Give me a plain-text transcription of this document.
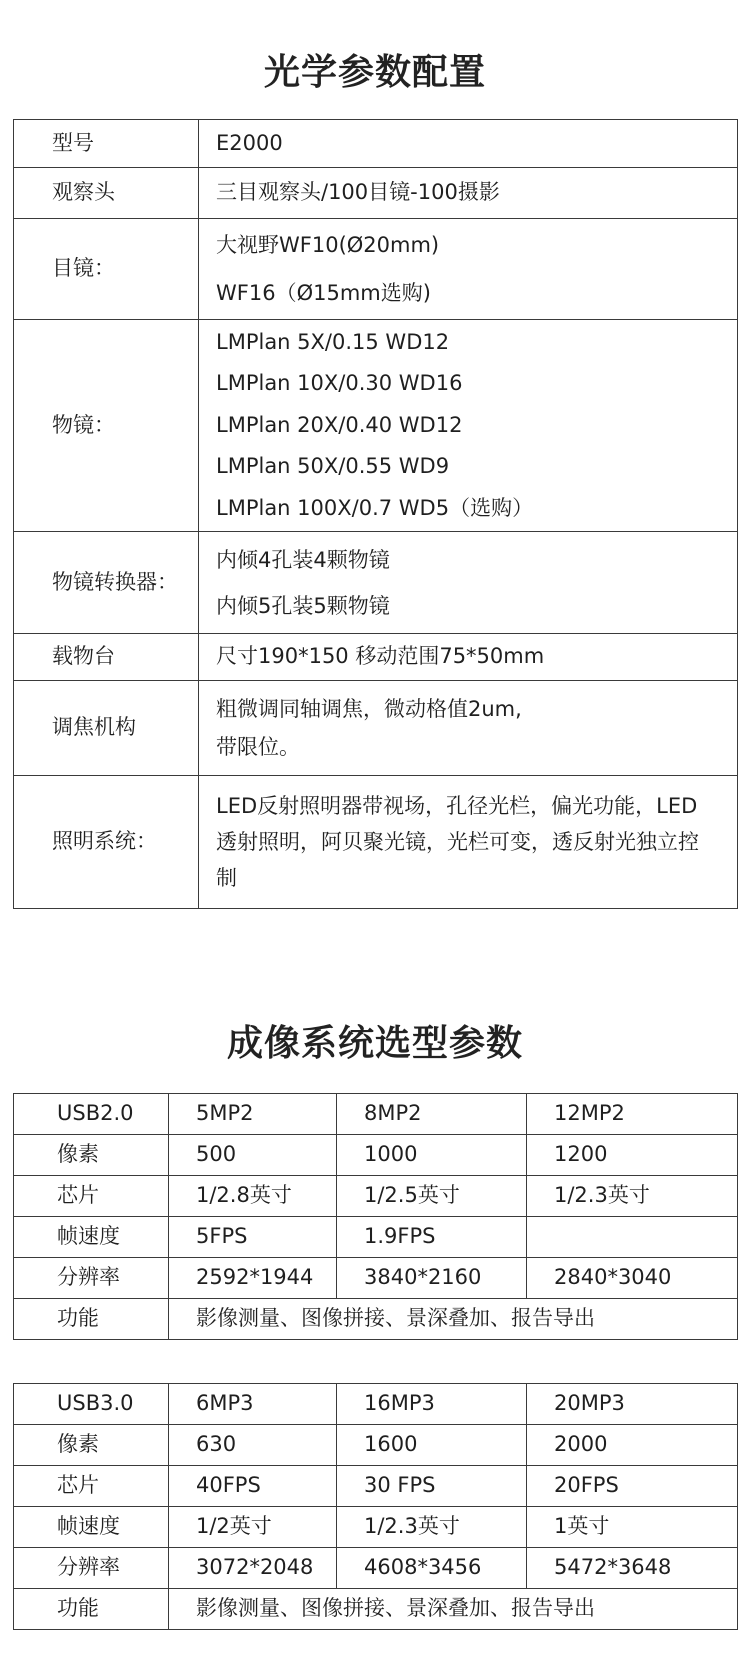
光学参数配置
型号	E2000

观察头	三目观察头/100目镜-100摄影

目镜：	大视野WF10(Ø20mm)
WF16（Ø15mm选购)

物镜：	LMPlan 5X/0.15 WD12
LMPlan 10X/0.30 WD16
LMPlan 20X/0.40 WD12
LMPlan 50X/0.55 WD9
LMPlan 100X/0.7 WD5（选购）

物镜转换器：	内倾4孔装4颗物镜
内倾5孔装5颗物镜

载物台	尺寸190*150 移动范围75*50mm

调焦机构	粗微调同轴调焦，微动格值2um,
带限位。

照明系统：	LED反射照明器带视场，孔径光栏，偏光功能，LED
透射照明，阿贝聚光镜，光栏可变，透反射光独立控
制
成像系统选型参数
USB2.0	5MP2	8MP2	12MP2
像素	500	1000	1200
芯片	1/2.8英寸	1/2.5英寸	1/2.3英寸
帧速度	5FPS	1.9FPS	
分辨率	2592*1944	3840*2160	2840*3040
功能	影像测量、图像拼接、景深叠加、报告导出		
USB3.0	6MP3	16MP3	20MP3
像素	630	1600	2000
芯片	40FPS	30 FPS	20FPS
帧速度	1/2英寸	1/2.3英寸	1英寸
分辨率	3072*2048	4608*3456	5472*3648
功能	影像测量、图像拼接、景深叠加、报告导出		
